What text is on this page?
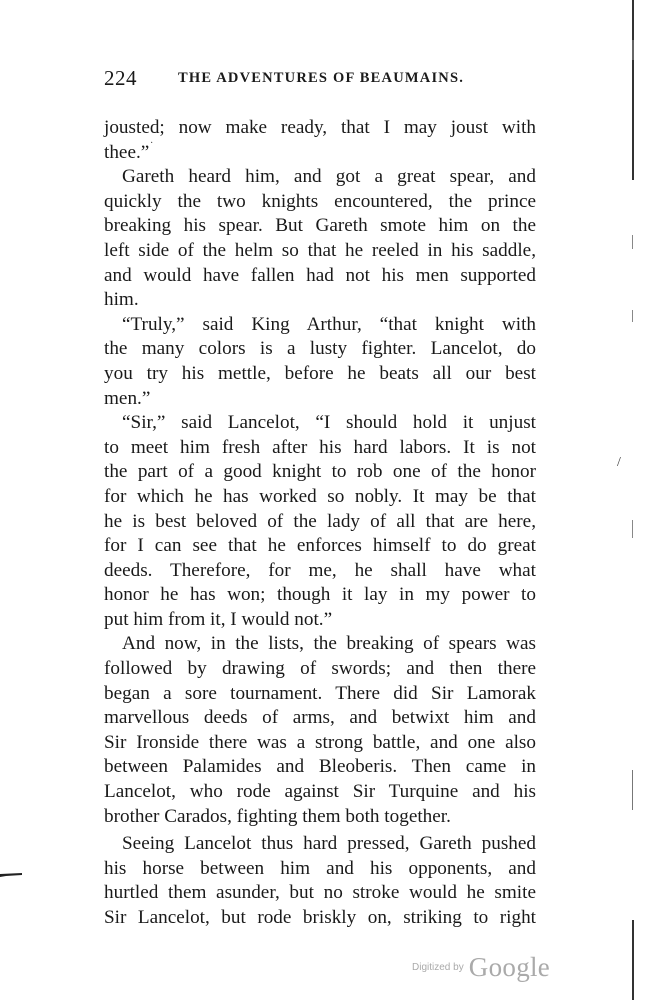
224	THE ADVENTURES OF BEAUMAINS.
jousted; now make ready, that I may joust with
thee.”
Gareth heard him, and got a great spear, and
quickly the two knights encountered, the prince
breaking his spear. But Gareth smote him on the
left side of the helm so that he reeled in his saddle,
and would have fallen had not his men supported
him.
“Truly,” said King Arthur, “that knight with
the many colors is a lusty fighter. Lancelot, do
you try his mettle, before he beats all our best
men.”
“Sir,” said Lancelot, “I should hold it unjust
to meet him fresh after his hard labors. It is not
the part of a good knight to rob one of the honor
for which he has worked so nobly. It may be that
he is best beloved of the lady of all that are here,
for I can see that he enforces himself to do great
deeds. Therefore, for me, he shall have what
honor he has won; though it lay in my power to
put him from it, I would not.”
And now, in the lists, the breaking of spears was
followed by drawing of swords; and then there
began a sore tournament. There did Sir Lamorak
marvellous deeds of arms, and betwixt him and
Sir Ironside there was a strong battle, and one also
between Palamides and Bleoberis. Then came in
Lancelot, who rode against Sir Turquine and his
brother Carados, fighting them both together.
Seeing Lancelot thus hard pressed, Gareth pushed
his horse between him and his opponents, and
hurtled them asunder, but no stroke would he smite
Sir Lancelot, but rode briskly on, striking to right
/
·
Digitized by Google
